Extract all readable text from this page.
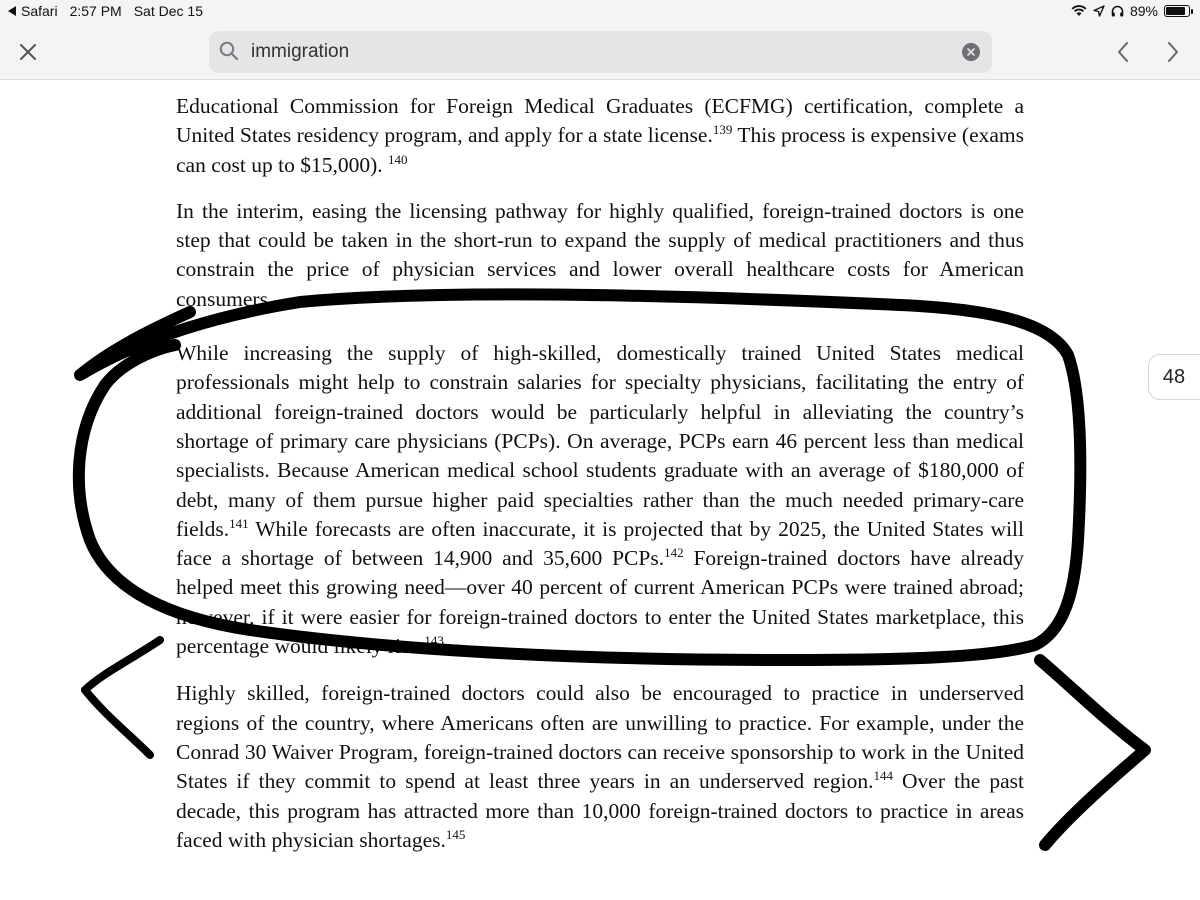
Safari 2:57 PM Sat Dec 15	89%
immigration

Educational Commission for Foreign Medical Graduates (ECFMG) certification, complete a United States residency program, and apply for a state license.$^{139}$ This process is expensive (exams can cost up to $15,000). $^{140}$

In the interim, easing the licensing pathway for highly qualified, foreign-trained doctors is one step that could be taken in the short-run to expand the supply of medical practitioners and thus constrain the price of physician services and lower overall healthcare costs for American consumers.

While increasing the supply of high-skilled, domestically trained United States medical professionals might help to constrain salaries for specialty physicians, facilitating the entry of additional foreign-trained doctors would be particularly helpful in alleviating the country’s shortage of primary care physicians (PCPs). On average, PCPs earn 46 percent less than medical specialists. Because American medical school students graduate with an average of $180,000 of debt, many of them pursue higher paid specialties rather than the much needed primary-care fields.$^{141}$ While forecasts are often inaccurate, it is projected that by 2025, the United States will face a shortage of between 14,900 and 35,600 PCPs.$^{142}$ Foreign-trained doctors have already helped meet this growing need—over 40 percent of current American PCPs were trained abroad; however, if it were easier for foreign-trained doctors to enter the United States marketplace, this percentage would likely rise.$^{143}$

Highly skilled, foreign-trained doctors could also be encouraged to practice in underserved regions of the country, where Americans often are unwilling to practice. For example, under the Conrad 30 Waiver Program, foreign-trained doctors can receive sponsorship to work in the United States if they commit to spend at least three years in an underserved region.$^{144}$ Over the past decade, this program has attracted more than 10,000 foreign-trained doctors to practice in areas faced with physician shortages.$^{145}$

48
